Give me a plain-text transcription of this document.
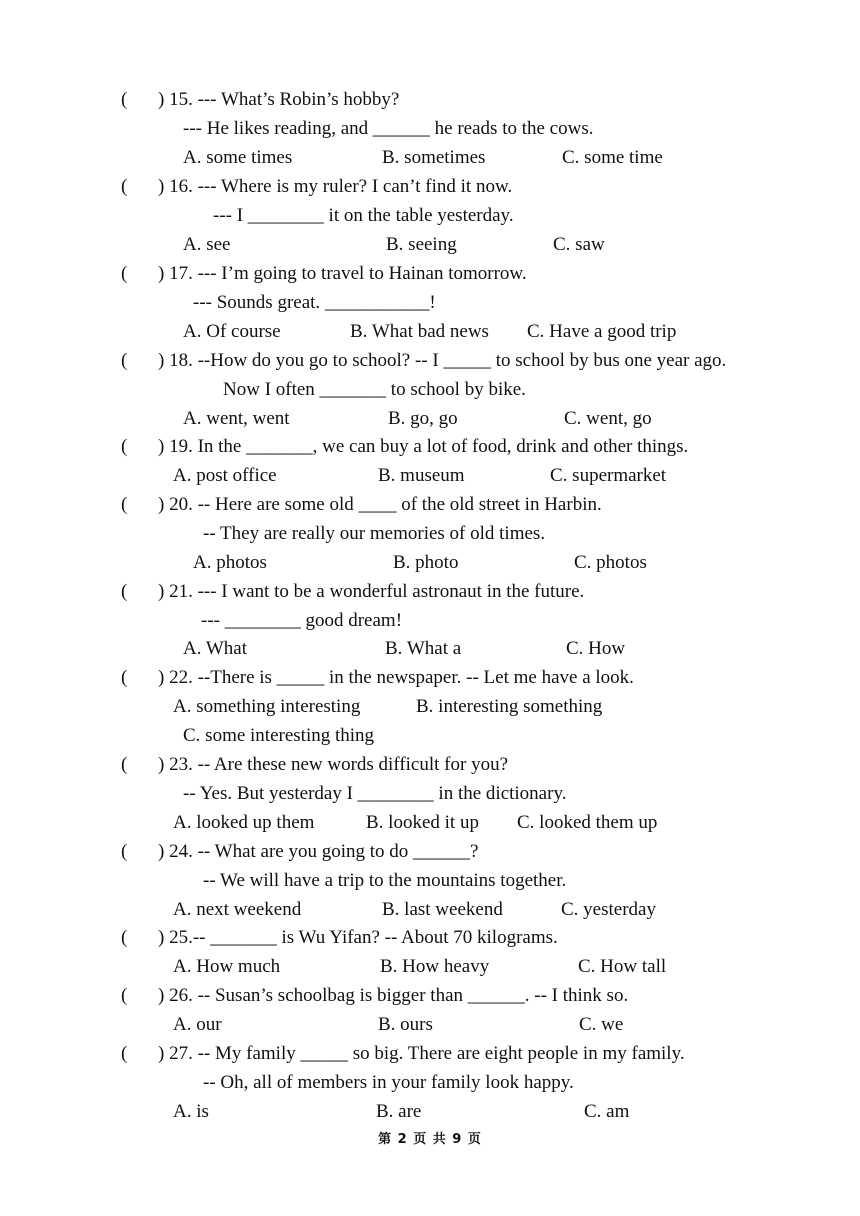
( ) 15. --- What’s Robin’s hobby?
--- He likes reading, and ______ he reads to the cows.
A. some times	B. sometimes	C. some time
( ) 16. --- Where is my ruler? I can’t find it now.
--- I ________ it on the table yesterday.
A. see	B. seeing	C. saw
( ) 17. --- I’m going to travel to Hainan tomorrow.
--- Sounds great. ___________!
A. Of course	B. What bad news C. Have a good trip
( ) 18. --How do you go to school? -- I _____ to school by bus one year ago.
Now I often _______ to school by bike.
A. went, went	B. go, go	C. went, go
( ) 19. In the _______, we can buy a lot of food, drink and other things.
A. post office	B. museum	C. supermarket
( ) 20. -- Here are some old ____ of the old street in Harbin.
-- They are really our memories of old times.
A. photos	B. photo	C. photos
( ) 21. --- I want to be a wonderful astronaut in the future.
--- ________ good dream!
A. What	B. What a	C. How
( ) 22. --There is _____ in the newspaper. -- Let me have a look.
A. something interesting	B. interesting something
C. some interesting thing
( ) 23. -- Are these new words difficult for you?
-- Yes. But yesterday I ________ in the dictionary.
A. looked up them	B. looked it up C. looked them up
( ) 24. -- What are you going to do ______?
-- We will have a trip to the mountains together.
A. next weekend	B. last weekend	C. yesterday
( ) 25.-- _______ is Wu Yifan? -- About 70 kilograms.
A. How much	B. How heavy	C. How tall
( ) 26. -- Susan’s schoolbag is bigger than ______. -- I think so.
A. our	B. ours	C. we
( ) 27. -- My family _____ so big. There are eight people in my family.
-- Oh, all of members in your family look happy.
A. is	B. are	C. am
第 2 页 共 9 页
